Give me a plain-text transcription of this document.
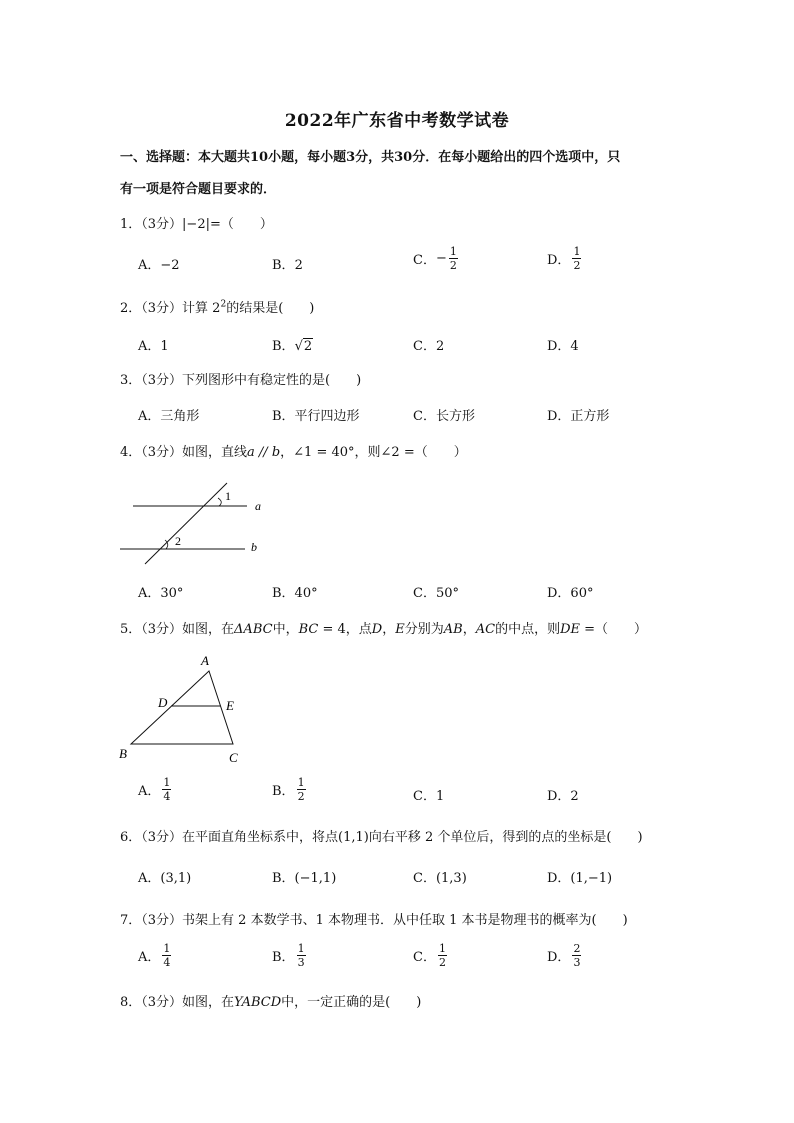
2022年广东省中考数学试卷
一、选择题：本大题共10小题，每小题3分，共30分．在每小题给出的四个选项中，只
有一项是符合题目要求的．
1．（3分）|−2|=（　　）
A．−2	B．2	C．− $\frac{1}{2}$	D． $\frac{1}{2}$
2．（3分）计算 $2^2$的结果是(　　)
A．1	B．√2	C．2	D．4
3．（3分）下列图形中有稳定性的是(　　)
A．三角形	B．平行四边形	C．长方形	D．正方形
4．（3分）如图，直线a // b，∠1 = 40°，则∠2 =（　　）
1
2
a
b
A．30°	B．40°	C．50°	D．60°
5．（3分）如图，在ΔABC中，BC = 4，点D，E分别为AB，AC的中点，则DE =（　　）
A
B	C
D	E
A． $\frac{1}{4}$	B． $\frac{1}{2}$	C．1	D．2
6．（3分）在平面直角坐标系中，将点(1,1)向右平移 2 个单位后，得到的点的坐标是(　　)
A．(3,1)	B．(−1,1)	C．(1,3)	D．(1,−1)
7．（3分）书架上有 2 本数学书、1 本物理书．从中任取 1 本书是物理书的概率为(　　)
A． $\frac{1}{4}$	B． $\frac{1}{3}$	C． $\frac{1}{2}$	D． $\frac{2}{3}$
8．（3分）如图，在YABCD中，一定正确的是(　　)
